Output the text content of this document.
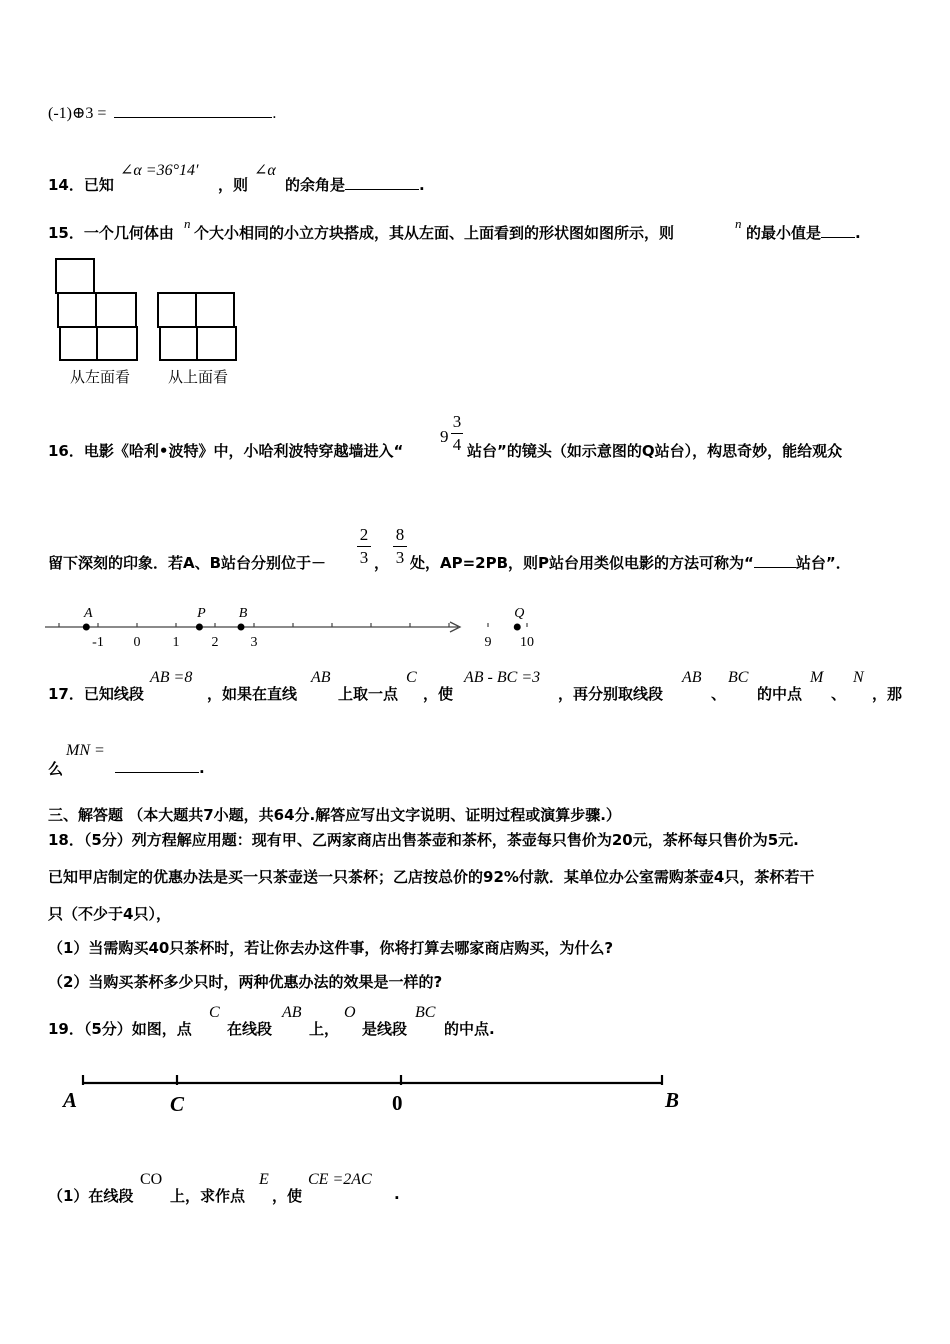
(-1)⊕3 =	.
14．已知
∠α =36°14′
，则
∠α
的余角是	.
15．一个几何体由
n
个大小相同的小立方块搭成，其从左面、上面看到的形状图如图所示，则
n
的最小值是 .
从左面看	从上面看
16．电影《哈利•波特》中，小哈利波特穿越墙进入“
9
3
4 站台”的镜头（如示意图的Q站台），构思奇妙，能给观众
留下深刻的印象．若A、B站台分别位于－
2
3 ，
8
3 处，AP=2PB，则P站台用类似电影的方法可称为“	站台”．
-1 0 1 2 3	9 10
A	P B	Q
17．已知线段
AB =8
，如果在直线
AB
上取一点
C
，使
AB - BC =3
，再分别取线段
AB
、
BC
的中点
M
、
N
，那
么
MN =
.
三、解答题 （本大题共7小题，共64分.解答应写出文字说明、证明过程或演算步骤.）
18．（5分）列方程解应用题：现有甲、乙两家商店出售茶壶和茶杯，茶壶每只售价为20元，茶杯每只售价为5元.
已知甲店制定的优惠办法是买一只茶壶送一只茶杯；乙店按总价的92%付款．某单位办公室需购茶壶4只，茶杯若干
只（不少于4只），
（1）当需购买40只茶杯时，若让你去办这件事，你将打算去哪家商店购买，为什么?
（2）当购买茶杯多少只时，两种优惠办法的效果是一样的?
19．（5分）如图，点
C
在线段
AB
上，
O
是线段
BC
的中点.
A	C	0	B
（1）在线段
CO
上，求作点
E
，使
CE =2AC
.
